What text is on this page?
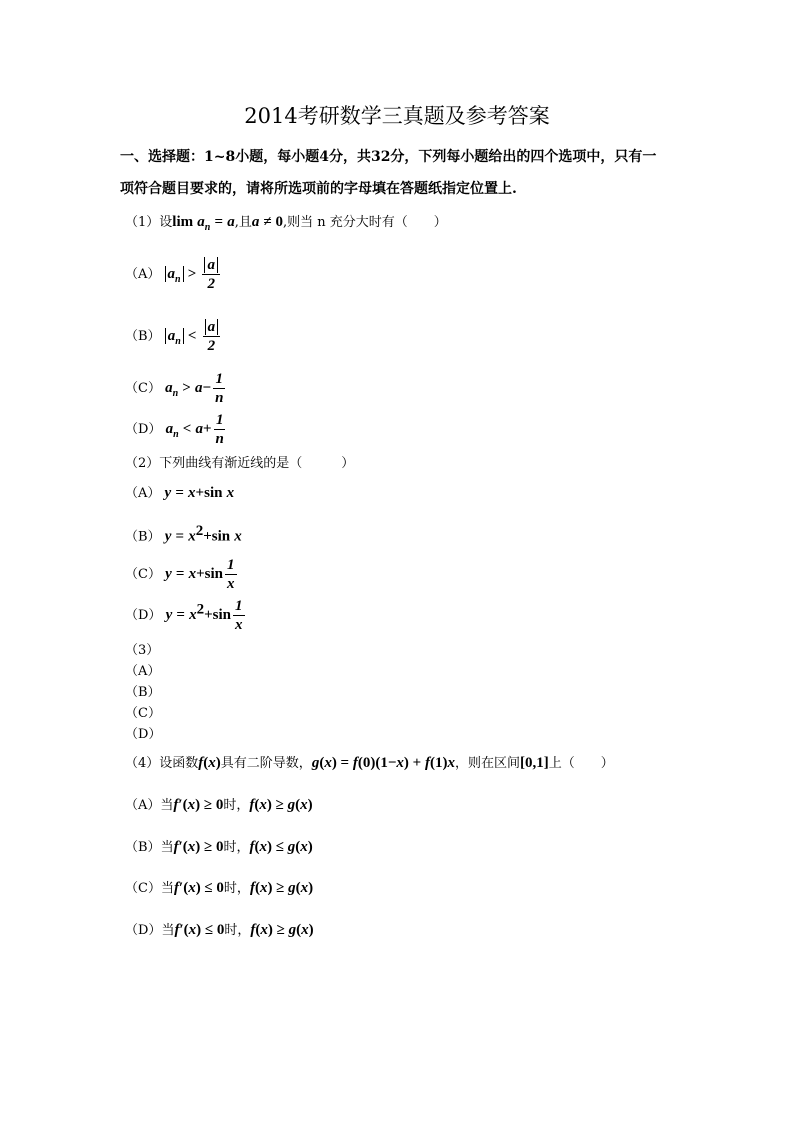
2014考研数学三真题及参考答案
一、选择题：1~8小题，每小题4分，共32分，下列每小题给出的四个选项中，只有一
项符合题目要求的，请将所选项前的字母填在答题纸指定位置上.
（1）设$\lim a_n = a$,且a ≠ 0,则当 n 充分大时有（　　）
（A） $a_n > \frac{a}{2}$
（B） $a_n < \frac{a}{2}$
（C） $a_n > a- \frac{1}{n}$
（D） $a_n < a+ \frac{1}{n}$
（2）下列曲线有渐近线的是（　　　）
（A） y = x+sin x
（B） $y = x^2+\sin$ x
（C） $y = x+\sin \frac{1}{x}$
（D） $y = x^2+\sin \frac{1}{x}$
（3）
（A）
（B）
（C）
（D）
（4）设函数f(x)具有二阶导数，g(x) = f(0)(1−x) + f(1)x，则在区间[0,1]上（　　）
（A）当f′(x) ≥ 0时，f(x) ≥ g(x)
（B）当f′(x) ≥ 0时，f(x) ≤ g(x)
（C）当f′(x) ≤ 0时，f(x) ≥ g(x)
（D）当f′(x) ≤ 0时，f(x) ≥ g(x)
